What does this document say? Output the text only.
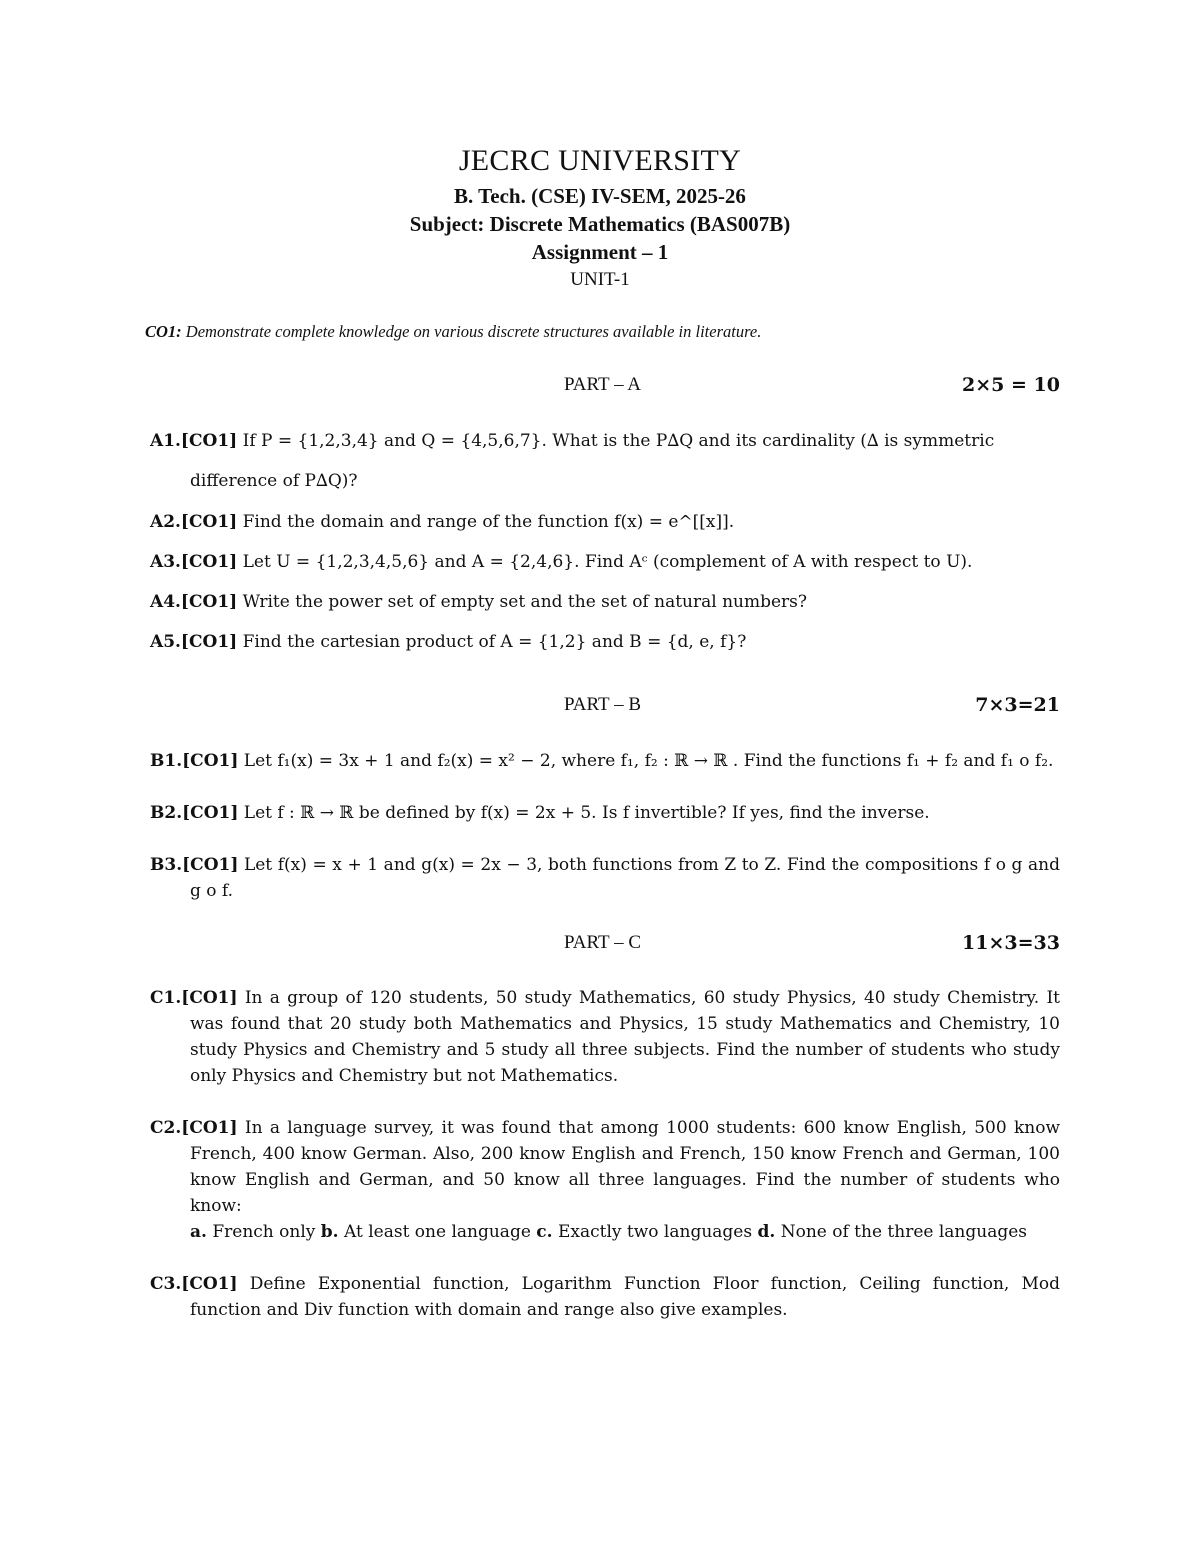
JECRC UNIVERSITY
B. Tech. (CSE) IV-SEM, 2025-26
Subject: Discrete Mathematics (BAS007B)
Assignment – 1
UNIT-1
CO1: Demonstrate complete knowledge on various discrete structures available in literature.
PART – A	2×5 = 10
A1.[CO1] If P = {1,2,3,4} and Q = {4,5,6,7}. What is the P∆Q and its cardinality (∆ is symmetric
difference of P∆Q)?
A2.[CO1] Find the domain and range of the function f(x) = e^[[x]].
A3.[CO1] Let U = {1,2,3,4,5,6} and A = {2,4,6}. Find Aᶜ (complement of A with respect to U).
A4.[CO1] Write the power set of empty set and the set of natural numbers?
A5.[CO1] Find the cartesian product of A = {1,2} and B = {d, e, f}?
PART – B	7×3=21
B1.[CO1] Let f₁(x) = 3x + 1 and f₂(x) = x² − 2, where f₁, f₂ : ℝ → ℝ . Find the functions f₁ + f₂ and f₁ o f₂.
B2.[CO1] Let f : ℝ → ℝ be defined by f(x) = 2x + 5. Is f invertible? If yes, find the inverse.
B3.[CO1] Let f(x) = x + 1 and g(x) = 2x − 3, both functions from Z to Z. Find the compositions f o g and g o f.
PART – C	11×3=33
C1.[CO1] In a group of 120 students, 50 study Mathematics, 60 study Physics, 40 study Chemistry. It was found that 20 study both Mathematics and Physics, 15 study Mathematics and Chemistry, 10 study Physics and Chemistry and 5 study all three subjects. Find the number of students who study only Physics and Chemistry but not Mathematics.
C2.[CO1] In a language survey, it was found that among 1000 students: 600 know English, 500 know French, 400 know German. Also, 200 know English and French, 150 know French and German, 100 know English and German, and 50 know all three languages. Find the number of students who know:
a. French only b. At least one language c. Exactly two languages d. None of the three languages
C3.[CO1] Define Exponential function, Logarithm Function Floor function, Ceiling function, Mod function and Div function with domain and range also give examples.
